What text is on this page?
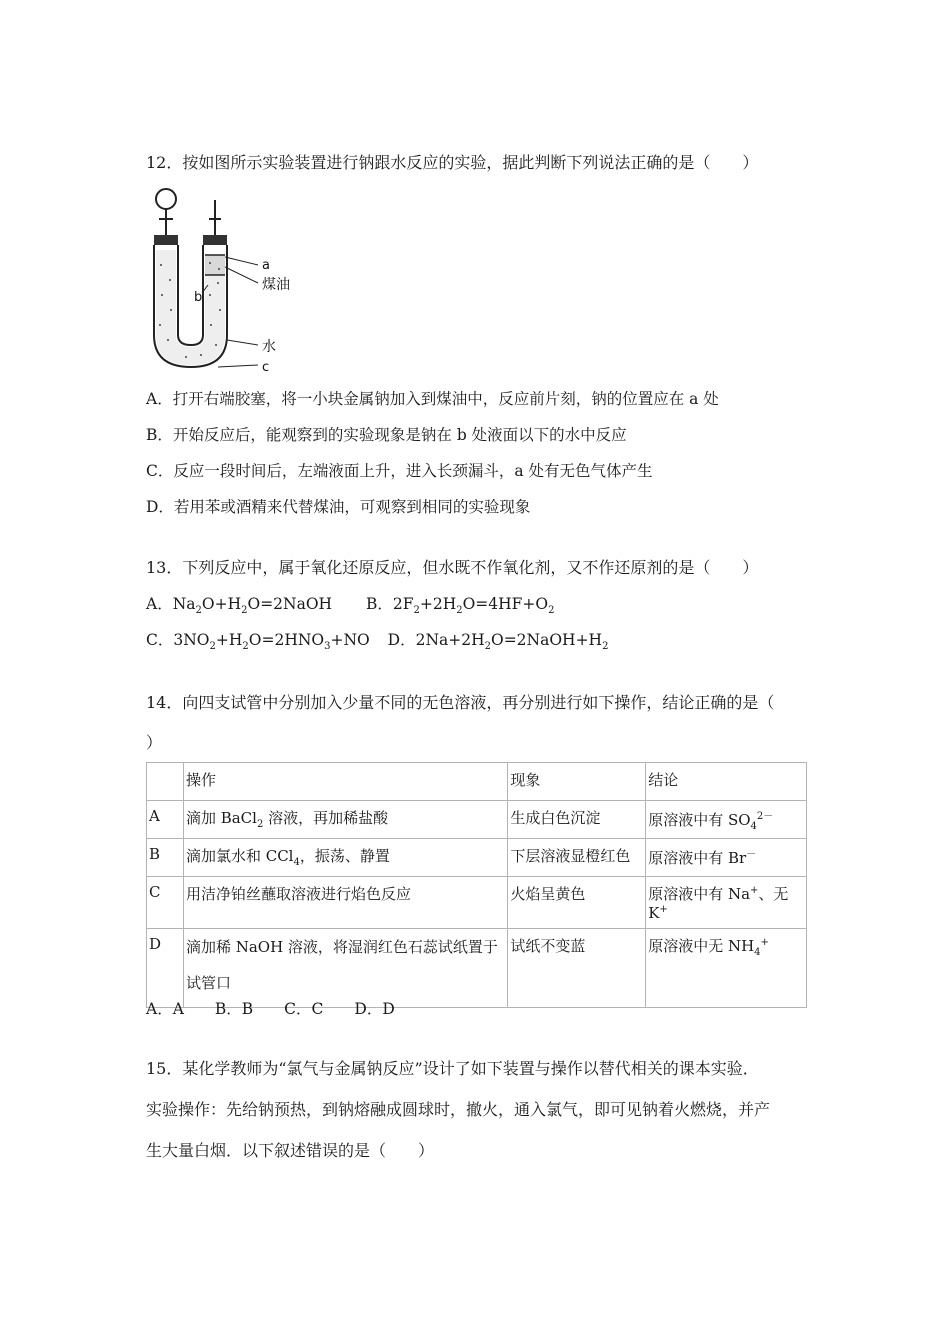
12．按如图所示实验装置进行钠跟水反应的实验，据此判断下列说法正确的是（　　）
a
煤油
b
水
c
A．打开右端胶塞，将一小块金属钠加入到煤油中，反应前片刻，钠的位置应在 a 处
B．开始反应后，能观察到的实验现象是钠在 b 处液面以下的水中反应
C．反应一段时间后，左端液面上升，进入长颈漏斗，a 处有无色气体产生
D．若用苯或酒精来代替煤油，可观察到相同的实验现象
13．下列反应中，属于氧化还原反应，但水既不作氧化剂，又不作还原剂的是（　　）
A．$Na_2O+H_2O=2NaOH$ B．$2F_2+2H_2O=4HF+O_2$
C．$3NO_2+H_2O=2HNO_3+NO$ D．$2Na+2H_2O=2NaOH+H_2$
14．向四支试管中分别加入少量不同的无色溶液，再分别进行如下操作，结论正确的是（
）
	操作	现象	结论
A	滴加 BaCl$_2$ 溶液，再加稀盐酸	生成白色沉淀	原溶液中有 $SO_4^{2-}$
B	滴加氯水和 CCl$_4$，振荡、静置	下层溶液显橙红色	原溶液中有 Br－
C	用洁净铂丝蘸取溶液进行焰色反应	火焰呈黄色	原溶液中有 Na+、无 K+
D	滴加稀 NaOH 溶液，将湿润红色石蕊试纸置于试管口	试纸不变蓝	原溶液中无 $NH_4^+$
A．A　　B．B　　C．C　　D．D
15．某化学教师为“氯气与金属钠反应”设计了如下装置与操作以替代相关的课本实验．
实验操作：先给钠预热，到钠熔融成圆球时，撤火，通入氯气，即可见钠着火燃烧，并产
生大量白烟．以下叙述错误的是（　　）
